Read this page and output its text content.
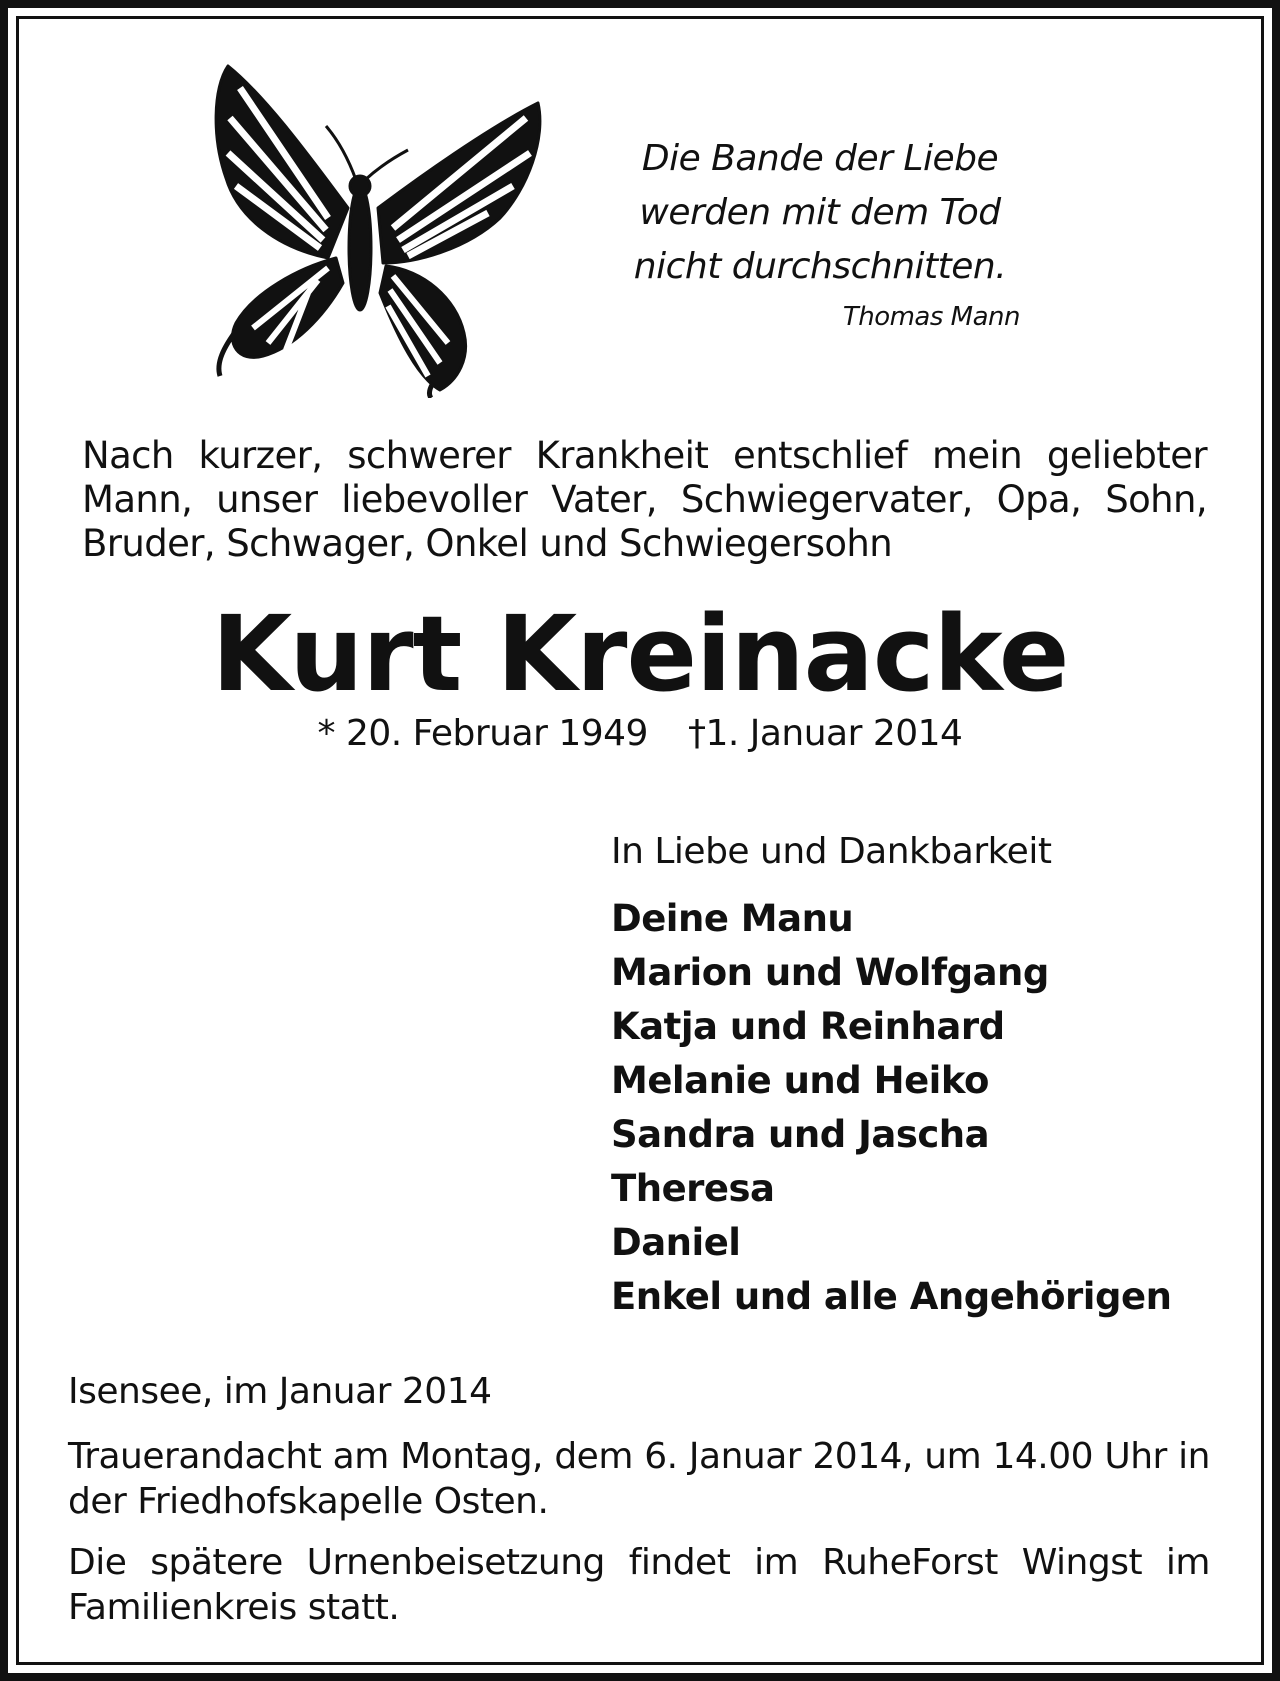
Die Bande der Liebe
werden mit dem Tod
nicht durchschnitten.
Thomas Mann
Nach kurzer, schwerer Krankheit entschlief mein geliebter Mann, unser liebevoller Vater, Schwiegervater, Opa, Sohn, Bruder, Schwager, Onkel und Schwiegersohn
Kurt Kreinacke
* 20. Februar 1949 †1. Januar 2014
In Liebe und Dankbarkeit
Deine Manu
Marion und Wolfgang
Katja und Reinhard
Melanie und Heiko
Sandra und Jascha
Theresa
Daniel
Enkel und alle Angehörigen
Isensee, im Januar 2014
Trauerandacht am Montag, dem 6. Januar 2014, um 14.00 Uhr in der Friedhofskapelle Osten.
Die spätere Urnenbeisetzung findet im RuheForst Wingst im Familienkreis statt.
